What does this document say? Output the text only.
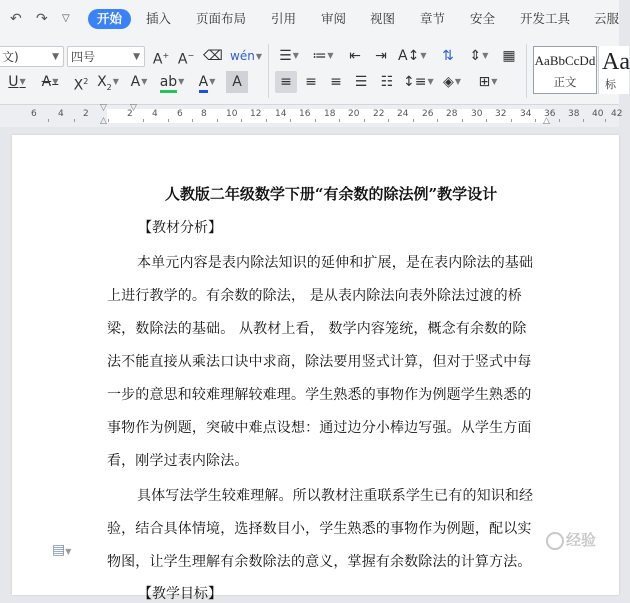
↶ ↷ ▽	开始	插入 页面布局 引用 审阅 视图 章节 安全 开发工具 云服
文)	▼	四号	▼ A+ A− ⌫ wén▼ ☰▼ ≔▼ ⇤ ⇥ A↕▼	⇅	⇕▼ ▦
U▼	A▼	$X^2$ $X_2▼$ A▼ ab▼	A▼	A	≡ ≡ ≡ ☰ ☷ ↕≡▼ ◈▼	⊞▼
AaBbCcDd
正文
Aa
标
▽
△
▽
△
6 4 2	2 4 6 8 10 12 14 16 18 20 22 24 26 28 30 32 34 36 38 40 42
人教版二年级数学下册“有余数的除法例”教学设计
【教材分析】
本单元内容是表内除法知识的延伸和扩展，是在表内除法的基础
上进行教学的。有余数的除法， 是从表内除法向表外除法过渡的桥
梁，数除法的基础。 从教材上看， 数学内容笼统，概念有余数的除
法不能直接从乘法口诀中求商，除法要用竖式计算，但对于竖式中每
一步的意思和较难理解较难理。学生熟悉的事物作为例题学生熟悉的
事物作为例题，突破中难点设想：通过边分小棒边写强。从学生方面
看，刚学过表内除法。
具体写法学生较难理解。所以教材注重联系学生已有的知识和经
验，结合具体情境，选择数目小，学生熟悉的事物作为例题，配以实
物图，让学生理解有余数除法的意义，掌握有余数除法的计算方法。
【教学目标】
▤▼
经验
